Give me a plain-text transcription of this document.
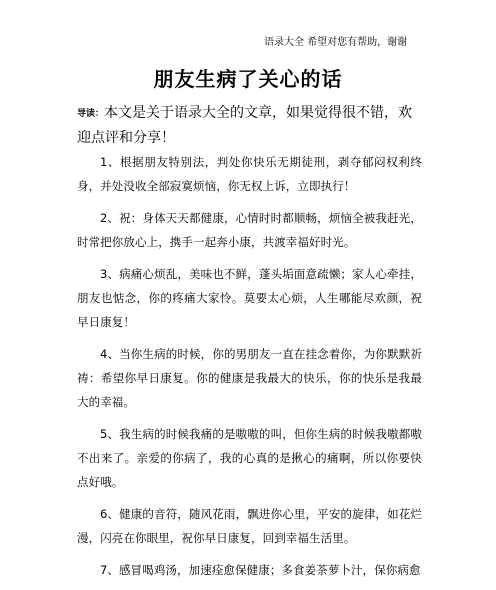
语录大全 希望对您有帮助，谢谢
朋友生病了关心的话
导读：本文是关于语录大全的文章，如果觉得很不错，欢迎点评和分享！

1、根据朋友特别法，判处你快乐无期徒刑，剥夺郁闷权利终身，并处没收全部寂寞烦恼，你无权上诉，立即执行！

2、祝：身体天天都健康，心情时时都顺畅，烦恼全被我赶光，时常把你放心上，携手一起奔小康，共渡幸福好时光。

3、病痛心烦乱，美味也不鲜，蓬头垢面意疏懒；家人心牵挂，朋友也惦念，你的疼痛大家怜。莫要太心烦，人生哪能尽欢颜，祝早日康复！

4、当你生病的时候，你的男朋友一直在挂念着你，为你默默祈祷：希望你早日康复。你的健康是我最大的快乐，你的快乐是我最大的幸福。

5、我生病的时候我痛的是嗷嗷的叫，但你生病的时候我嗷都嗷不出来了。亲爱的你病了，我的心真的是揪心的痛啊，所以你要快点好哦。

6、健康的音符，随风花雨，飘进你心里，平安的旋律，如花烂漫，闪亮在你眼里，祝你早日康复，回到幸福生活里。

7、感冒喝鸡汤，加速痊愈保健康；多食姜茶萝卜汁，保你病愈
